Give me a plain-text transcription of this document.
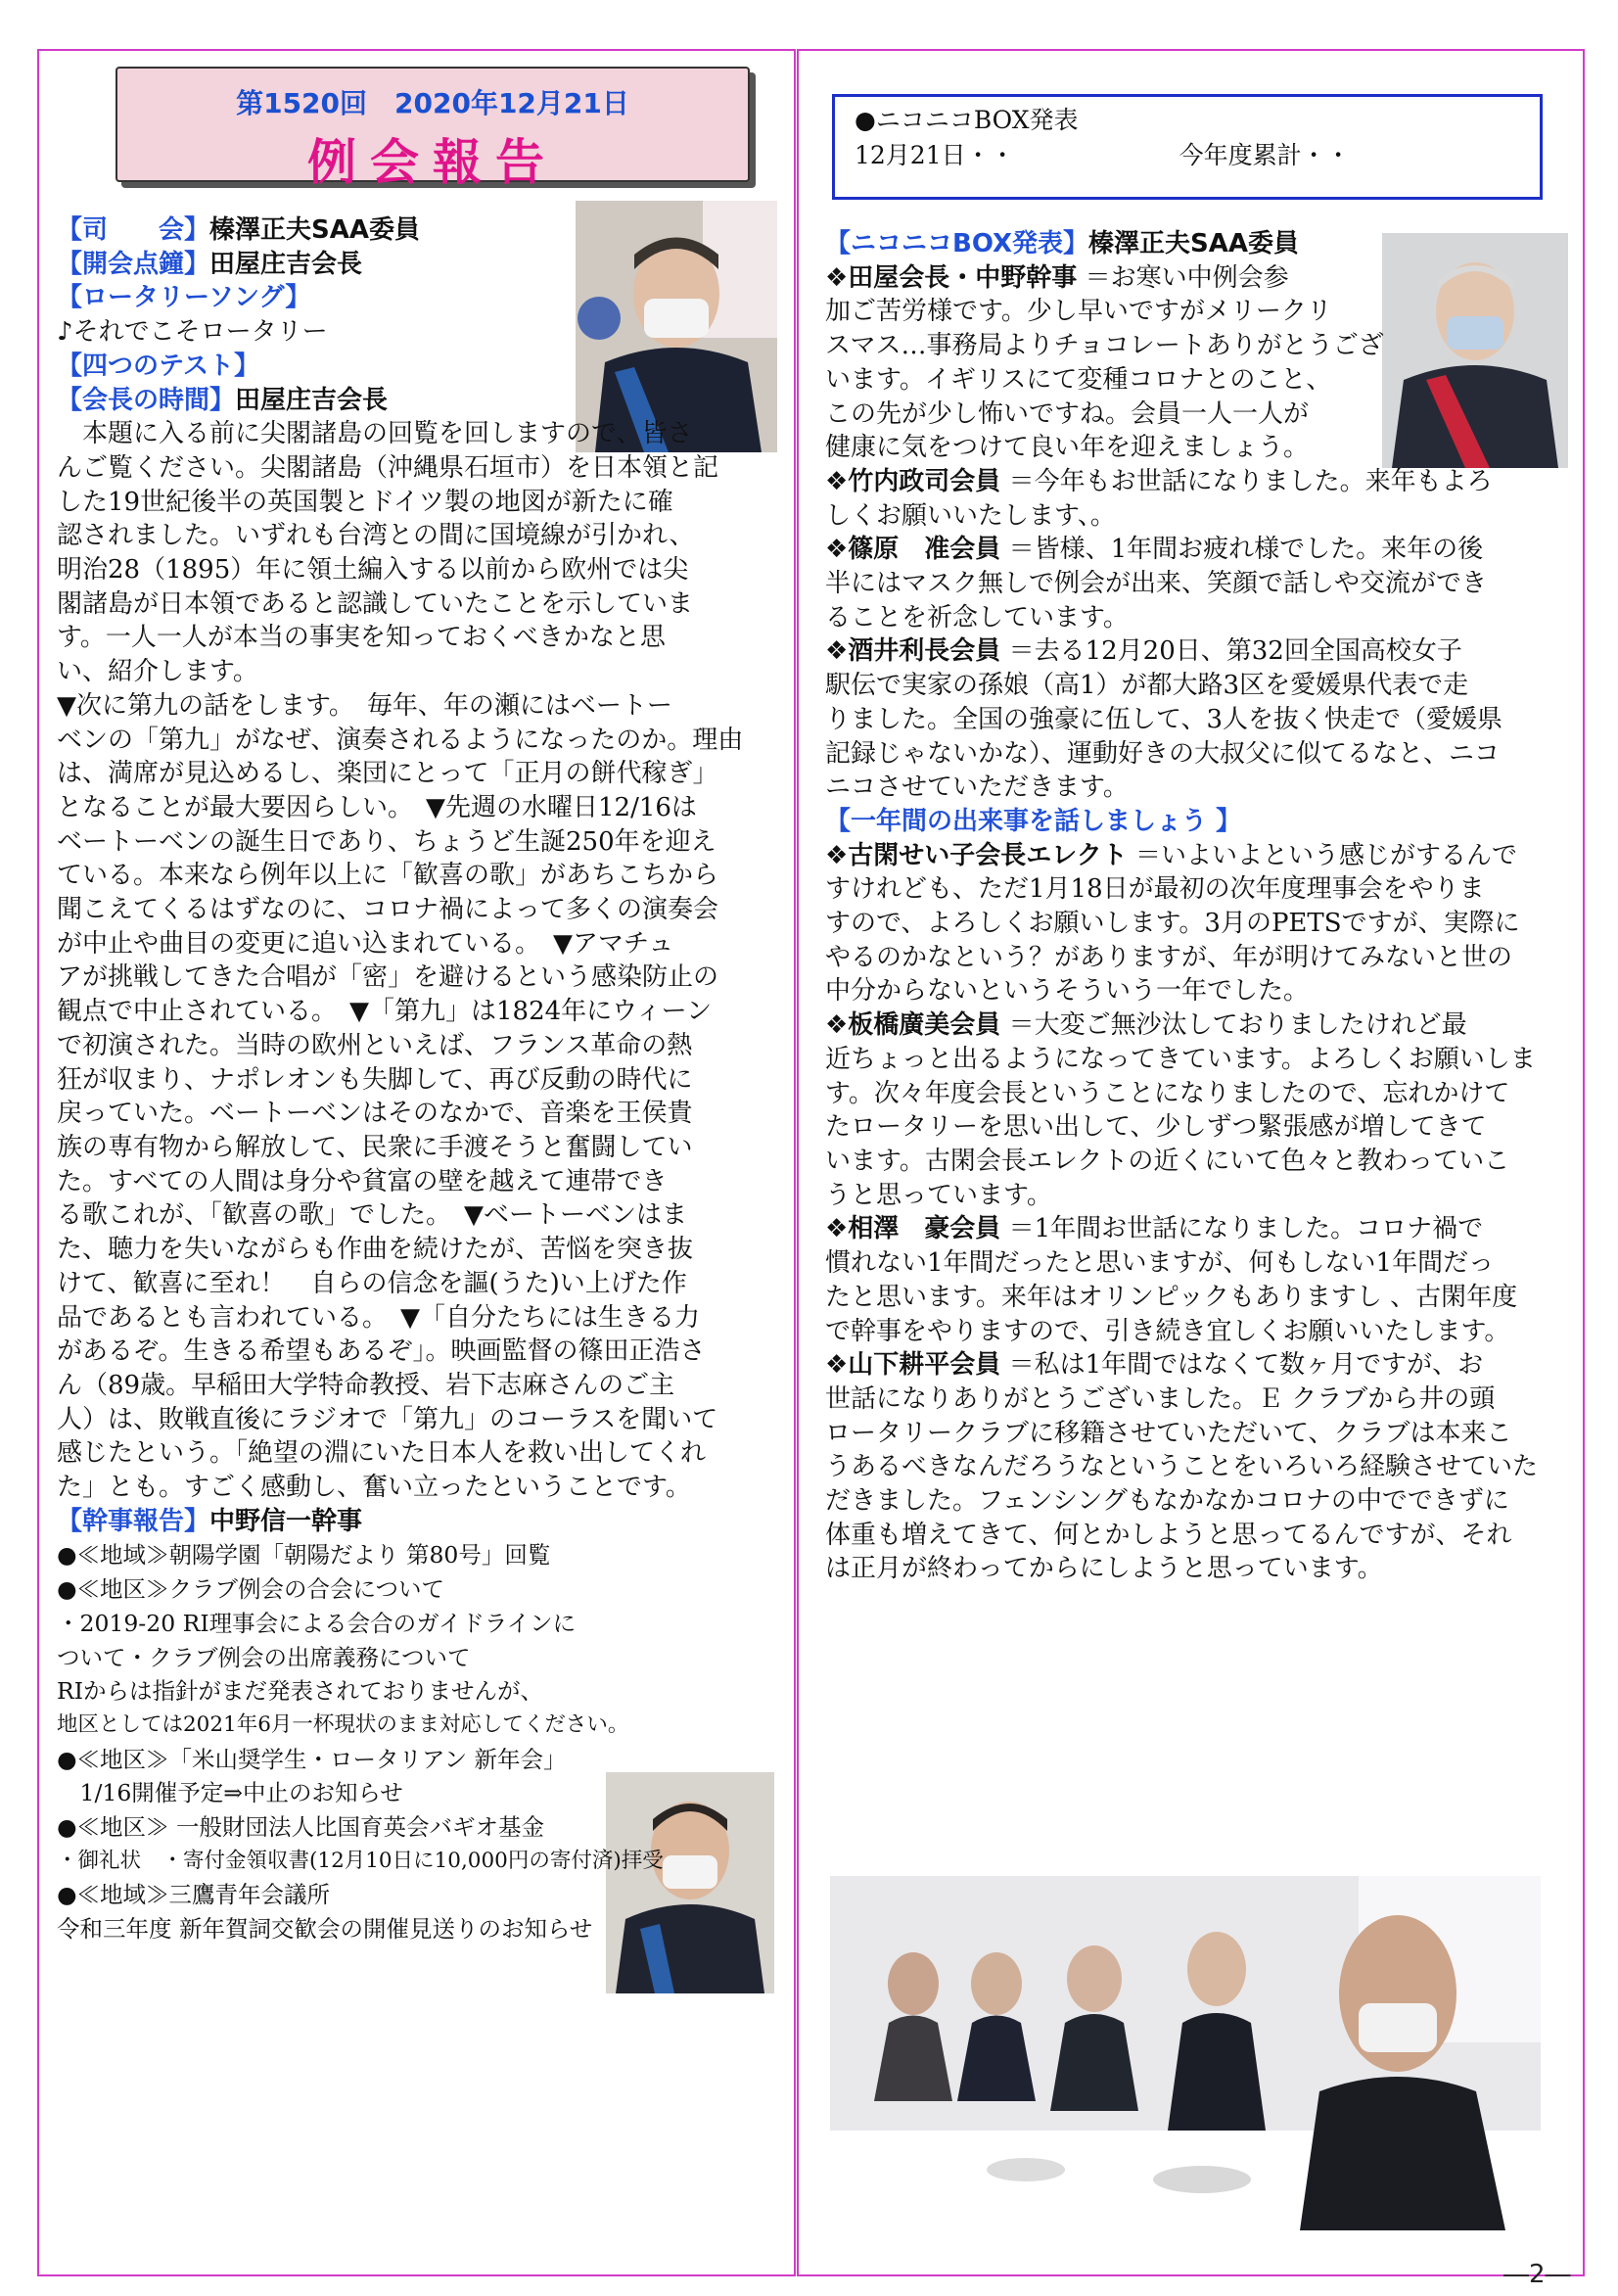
第1520回　2020年12月21日
例会報告
【司　　会】榛澤正夫SAA委員
【開会点鐘】田屋庄吉会長
【ロータリーソング】
♪それでこそロータリー
【四つのテスト】
【会長の時間】田屋庄吉会長
　本題に入る前に尖閣諸島の回覧を回しますので、皆さ
んご覧ください。尖閣諸島（沖縄県石垣市）を日本領と記
した19世紀後半の英国製とドイツ製の地図が新たに確
認されました。いずれも台湾との間に国境線が引かれ、
明治28（1895）年に領土編入する以前から欧州では尖
閣諸島が日本領であると認識していたことを示していま
す。一人一人が本当の事実を知っておくべきかなと思
い、紹介します。
▼次に第九の話をします。　毎年、年の瀬にはベートー
ベンの「第九」がなぜ、演奏されるようになったのか。理由
は、満席が見込めるし、楽団にとって「正月の餅代稼ぎ」
となることが最大要因らしい。　▼先週の水曜日12/16は
ベートーベンの誕生日であり、ちょうど生誕250年を迎え
ている。本来なら例年以上に「歓喜の歌」があちこちから
聞こえてくるはずなのに、コロナ禍によって多くの演奏会
が中止や曲目の変更に追い込まれている。　▼アマチュ
アが挑戦してきた合唱が「密」を避けるという感染防止の
観点で中止されている。　▼「第九」は1824年にウィーン
で初演された。当時の欧州といえば、フランス革命の熱
狂が収まり、ナポレオンも失脚して、再び反動の時代に
戻っていた。ベートーベンはそのなかで、音楽を王侯貴
族の専有物から解放して、民衆に手渡そうと奮闘してい
た。すべての人間は身分や貧富の壁を越えて連帯でき
る歌これが、「歓喜の歌」でした。　▼ベートーベンはま
た、聴力を失いながらも作曲を続けたが、苦悩を突き抜
けて、歓喜に至れ！　自らの信念を謳(うた)い上げた作
品であるとも言われている。　▼「自分たちには生きる力
があるぞ。生きる希望もあるぞ」。映画監督の篠田正浩さ
ん（89歳。早稲田大学特命教授、岩下志麻さんのご主
人）は、敗戦直後にラジオで「第九」のコーラスを聞いて
感じたという。「絶望の淵にいた日本人を救い出してくれ
た」とも。すごく感動し、奮い立ったということです。
【幹事報告】中野信一幹事
●≪地域≫朝陽学園「朝陽だより 第80号」回覧
●≪地区≫クラブ例会の合会について
・2019-20 RI理事会による会合のガイドラインに
ついて・クラブ例会の出席義務について
RIからは指針がまだ発表されておりませんが、
地区としては2021年6月一杯現状のまま対応してください。
●≪地区≫「米山奨学生・ロータリアン 新年会」
　1/16開催予定⇒中止のお知らせ
●≪地区≫ 一般財団法人比国育英会バギオ基金
・御礼状　・寄付金領収書(12月10日に10,000円の寄付済)拝受
●≪地域≫三鷹青年会議所
令和三年度 新年賀詞交歓会の開催見送りのお知らせ
●ニコニコBOX発表
12月21日・・	今年度累計・・
【ニコニコBOX発表】榛澤正夫SAA委員
❖田屋会長・中野幹事 ＝お寒い中例会参
加ご苦労様です。少し早いですがメリークリ
スマス…事務局よりチョコレートありがとうござ
います。イギリスにて変種コロナとのこと、
この先が少し怖いですね。会員一人一人が
健康に気をつけて良い年を迎えましょう。
❖竹内政司会員 ＝今年もお世話になりました。来年もよろ
しくお願いいたします、。
❖篠原　准会員 ＝皆様、1年間お疲れ様でした。来年の後
半にはマスク無しで例会が出来、笑顔で話しや交流ができ
ることを祈念しています。
❖酒井利長会員 ＝去る12月20日、第32回全国高校女子
駅伝で実家の孫娘（高1）が都大路3区を愛媛県代表で走
りました。全国の強豪に伍して、3人を抜く快走で（愛媛県
記録じゃないかな）、運動好きの大叔父に似てるなと、ニコ
ニコさせていただきます。
【一年間の出来事を話しましょう 】
❖古閑せい子会長エレクト ＝いよいよという感じがするんで
すけれども、ただ1月18日が最初の次年度理事会をやりま
すので、よろしくお願いします。3月のPETSですが、実際に
やるのかなという？がありますが、年が明けてみないと世の
中分からないというそういう一年でした。
❖板橋廣美会員 ＝大変ご無沙汰しておりましたけれど最
近ちょっと出るようになってきています。よろしくお願いしま
す。次々年度会長ということになりましたので、忘れかけて
たロータリーを思い出して、少しずつ緊張感が増してきて
います。古閑会長エレクトの近くにいて色々と教わっていこ
うと思っています。
❖相澤　豪会員 ＝1年間お世話になりました。コロナ禍で
慣れない1年間だったと思いますが、何もしない1年間だっ
たと思います。来年はオリンピックもありますし 、古閑年度
で幹事をやりますので、引き続き宜しくお願いいたします。
❖山下耕平会員 ＝私は1年間ではなくて数ヶ月ですが、お
世話になりありがとうございました。Ｅ クラブから井の頭
ロータリークラブに移籍させていただいて、クラブは本来こ
うあるべきなんだろうなということをいろいろ経験させていた
だきました。フェンシングもなかなかコロナの中でできずに
体重も増えてきて、何とかしようと思ってるんですが、それ
は正月が終わってからにしようと思っています。
―2―
